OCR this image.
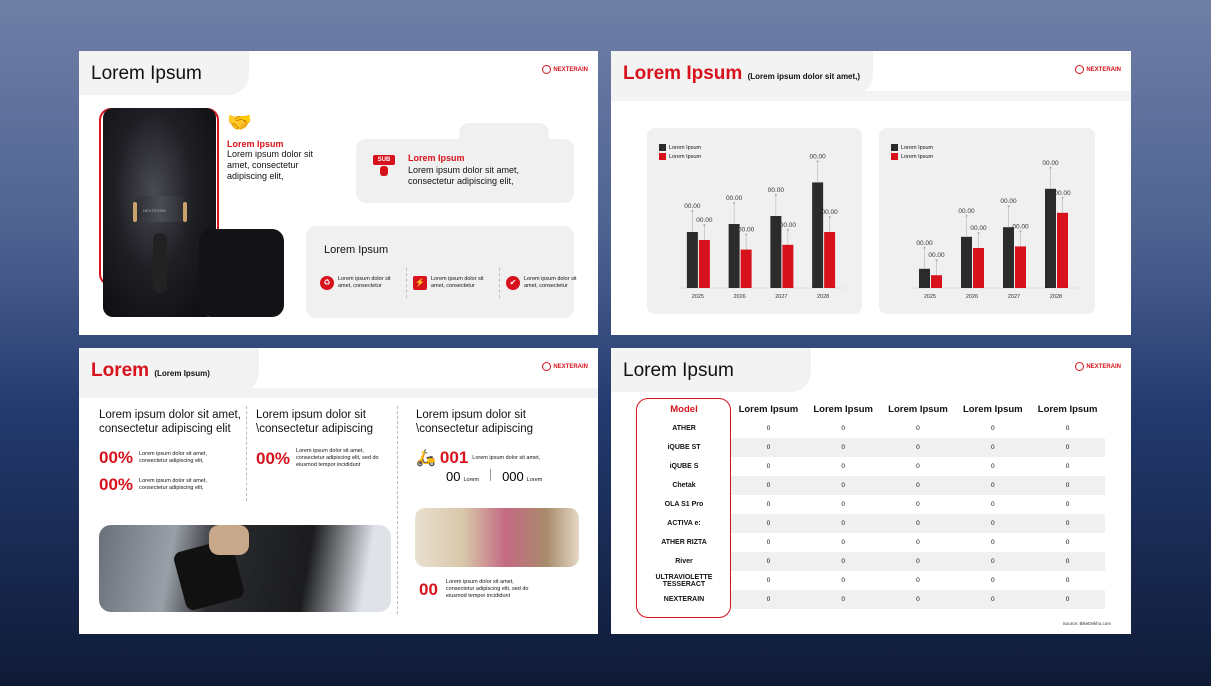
Lorem Ipsum	NEXTERAIN
NEXTERAIN
🤝
Lorem Ipsum
Lorem ipsum dolor sit amet, consectetur adipiscing elit,
SUB	Lorem Ipsum
Lorem ipsum dolor sit amet, consectetur adipiscing elit,
Lorem Ipsum
♻	Lorem ipsum dolor sit amet, consectetur	⚡	Lorem ipsum dolor sit amet, consectetur	✔	Lorem ipsum dolor sit amet, consectetur
Lorem Ipsum (Lorem ipsum dolor sit amet,)
NEXTERAIN
Lorem Ipsum
Lorem Ipsum
00.00
00.00
2025
00.00
00.00
2026
00.00
00.00
2027
00.00
00.00
2028
Lorem Ipsum
Lorem Ipsum
00.00
00.00
2025
00.00
00.00
2026
00.00
00.00
2027
00.00
00.00
2028
Lorem (Lorem Ipsum)
NEXTERAIN
Lorem ipsum dolor sit amet, consectetur adipiscing elit
00% Lorem ipsum dolor sit amet, consectetur adipiscing elit,
00% Lorem ipsum dolor sit amet, consectetur adipiscing elit,
Lorem ipsum dolor sit \consectetur adipiscing
00% Lorem ipsum dolor sit amet, consectetur adipiscing elit, sed do eiusmod tempor incididunt
Lorem ipsum dolor sit \consectetur adipiscing
🛵 001 Lorem ipsum dolor sit amet,
00 Lorem 000 Lorem
00 Lorem ipsum dolor sit amet, consectetur adipiscing elit, sed do eiusmod tempor incididunt
Lorem Ipsum	NEXTERAIN
Model	Lorem Ipsum	Lorem Ipsum	Lorem Ipsum	Lorem Ipsum	Lorem Ipsum
ATHER	0	0	0	0	0
iQUBE ST	0	0	0	0	0
iQUBE S	0	0	0	0	0
Chetak	0	0	0	0	0
OLA S1 Pro	0	0	0	0	0
ACTIVA e:	0	0	0	0	0
ATHER RIZTA	0	0	0	0	0
River	0	0	0	0	0
ULTRAVIOLETTE TESSERACT	0	0	0	0	0
NEXTERAIN	0	0	0	0	0
Source: BikeDekho.com
